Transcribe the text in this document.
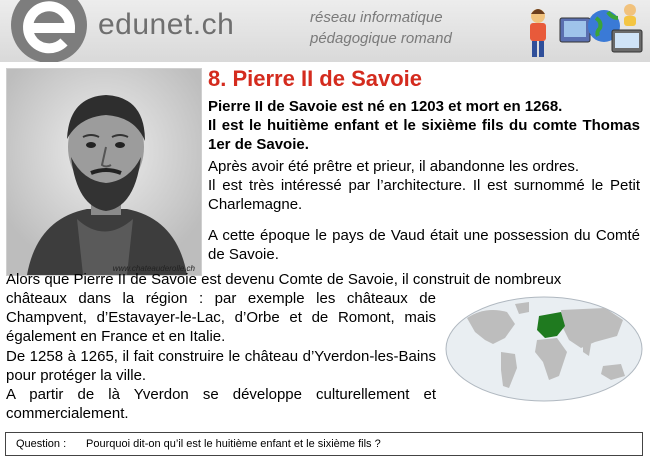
edunet.ch	réseau informatique
pédagogique romand
www.chateauderolle.ch
8. Pierre II de Savoie
Pierre II de Savoie est né en 1203 et mort en 1268.
Il est le huitième enfant et le sixième fils du comte Thomas 1er de Savoie.
Après avoir été prêtre et prieur, il abandonne les ordres.
Il est très intéressé par l’architecture. Il est surnommé le Petit Charlemagne.
A cette époque le pays de Vaud était une possession du Comté de Savoie.
Alors que Pierre II de Savoie est devenu Comte de Savoie, il construit de nombreux
châteaux dans la région : par exemple les châteaux de Champvent, d’Estavayer-le-Lac, d’Orbe et de Romont, mais également en France et en Italie.
De 1258 à 1265, il fait construire le château d’Yverdon-les-Bains pour protéger la ville.
A partir de là Yverdon se développe culturellement et commercialement.
Question : Pourquoi dit-on qu’il est le huitième enfant et le sixième fils ?
